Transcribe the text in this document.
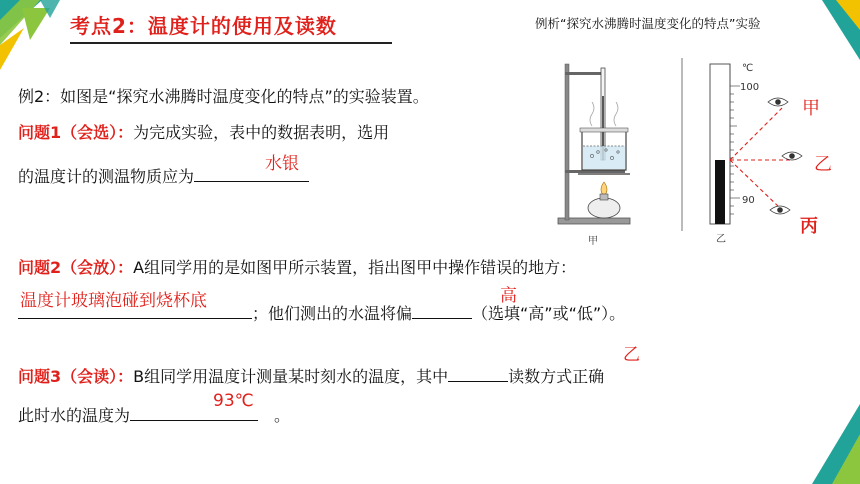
考点2：温度计的使用及读数	例析“探究水沸腾时温度变化的特点”实验
例2：如图是“探究水沸腾时温度变化的特点”的实验装置。
问题1（会选）：为完成实验，表中的数据表明，选用
的温度计的测温物质应为
水银
问题2（会放）：A组同学用的是如图甲所示装置，指出图甲中操作错误的地方：
；他们测出的水温将偏	（选填“高”或“低”）。
温度计玻璃泡碰到烧杯底	高
问题3（会读）：B组同学用温度计测量某时刻水的温度，其中	读数方式正确
此时水的温度为	。
乙
93℃
甲
℃
100
90
乙
甲
乙
丙
